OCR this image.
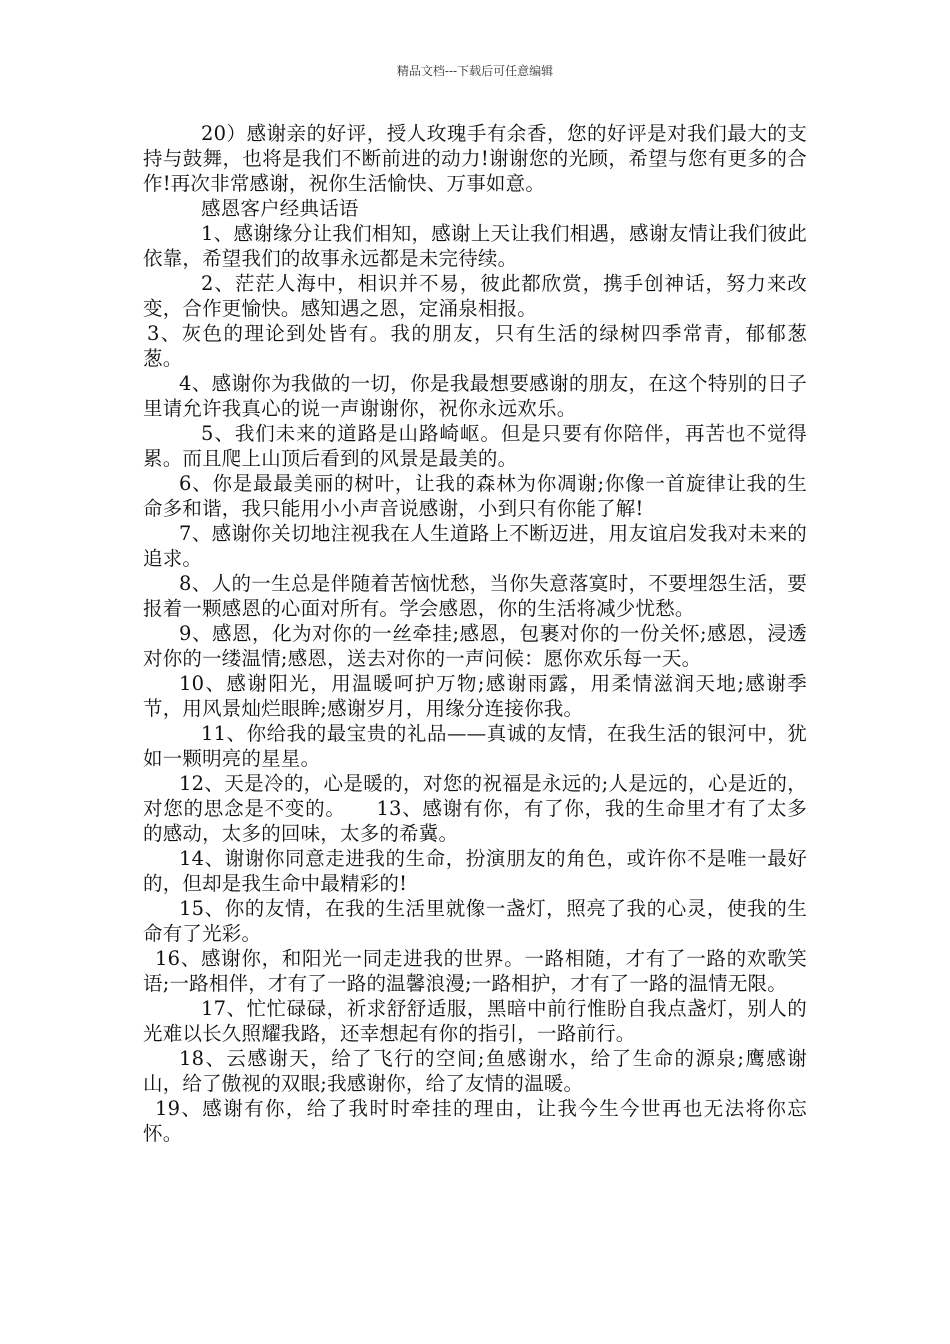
精品文档---下载后可任意编辑

20）感谢亲的好评，授人玫瑰手有余香，您的好评是对我们最大的支持与鼓舞，也将是我们不断前进的动力!谢谢您的光顾，希望与您有更多的合作!再次非常感谢，祝你生活愉快、万事如意。

感恩客户经典话语

1、感谢缘分让我们相知，感谢上天让我们相遇，感谢友情让我们彼此依靠，希望我们的故事永远都是未完待续。

2、茫茫人海中，相识并不易，彼此都欣赏，携手创神话，努力来改变，合作更愉快。感知遇之恩，定涌泉相报。

3、灰色的理论到处皆有。我的朋友，只有生活的绿树四季常青，郁郁葱葱。

4、感谢你为我做的一切，你是我最想要感谢的朋友，在这个特别的日子里请允许我真心的说一声谢谢你，祝你永远欢乐。

5、我们未来的道路是山路崎岖。但是只要有你陪伴，再苦也不觉得累。而且爬上山顶后看到的风景是最美的。

6、你是最最美丽的树叶，让我的森林为你凋谢;你像一首旋律让我的生命多和谐，我只能用小小声音说感谢，小到只有你能了解!

7、感谢你关切地注视我在人生道路上不断迈进，用友谊启发我对未来的追求。

8、人的一生总是伴随着苦恼忧愁，当你失意落寞时，不要埋怨生活，要报着一颗感恩的心面对所有。学会感恩，你的生活将减少忧愁。

9、感恩，化为对你的一丝牵挂;感恩，包裹对你的一份关怀;感恩，浸透对你的一缕温情;感恩，送去对你的一声问候：愿你欢乐每一天。

10、感谢阳光，用温暖呵护万物;感谢雨露，用柔情滋润天地;感谢季节，用风景灿烂眼眸;感谢岁月，用缘分连接你我。

11、你给我的最宝贵的礼品——真诚的友情，在我生活的银河中，犹如一颗明亮的星星。

12、天是冷的，心是暖的，对您的祝福是永远的;人是远的，心是近的，对您的思念是不变的。　　13、感谢有你，有了你，我的生命里才有了太多的感动，太多的回味，太多的希冀。

14、谢谢你同意走进我的生命，扮演朋友的角色，或许你不是唯一最好的，但却是我生命中最精彩的!

15、你的友情，在我的生活里就像一盏灯，照亮了我的心灵，使我的生命有了光彩。

16、感谢你，和阳光一同走进我的世界。一路相随，才有了一路的欢歌笑语;一路相伴，才有了一路的温馨浪漫;一路相护，才有了一路的温情无限。

17、忙忙碌碌，祈求舒舒适服，黑暗中前行惟盼自我点盏灯，别人的光难以长久照耀我路，还幸想起有你的指引，一路前行。

18、云感谢天，给了飞行的空间;鱼感谢水，给了生命的源泉;鹰感谢山，给了傲视的双眼;我感谢你，给了友情的温暖。

19、感谢有你，给了我时时牵挂的理由，让我今生今世再也无法将你忘怀。
